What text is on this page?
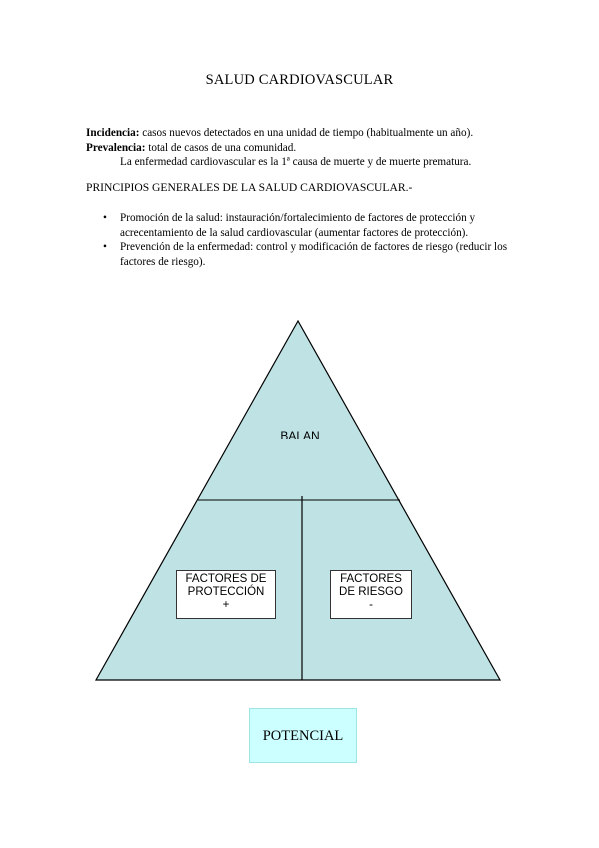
SALUD CARDIOVASCULAR
Incidencia: casos nuevos detectados en una unidad de tiempo (habitualmente un año).
Prevalencia: total de casos de una comunidad.
La enfermedad cardiovascular es la 1ª causa de muerte y de muerte prematura.
PRINCIPIOS GENERALES DE LA SALUD CARDIOVASCULAR.-
• Promoción de la salud: instauración/fortalecimiento de factores de protección y acrecentamiento de la salud cardiovascular (aumentar factores de protección).
• Prevención de la enfermedad: control y modificación de factores de riesgo (reducir los factores de riesgo).
BALAN
FACTORES DE
PROTECCIÓN
+
FACTORES
DE RIESGO
-
POTENCIAL
